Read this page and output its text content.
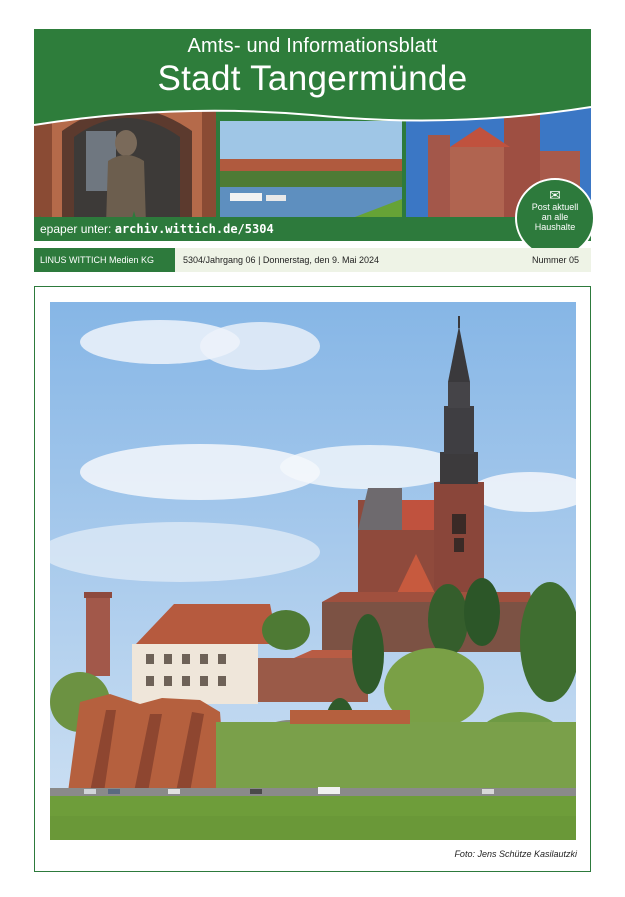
Amts- und Informationsblatt
Stadt Tangermünde
epaper unter: archiv.wittich.de/5304
✉
Post aktuell
an alle
Haushalte
LINUS WITTICH Medien KG	5304/Jahrgang 06 | Donnerstag, den 9. Mai 2024	Nummer 05
Foto: Jens Schütze Kasilautzki
